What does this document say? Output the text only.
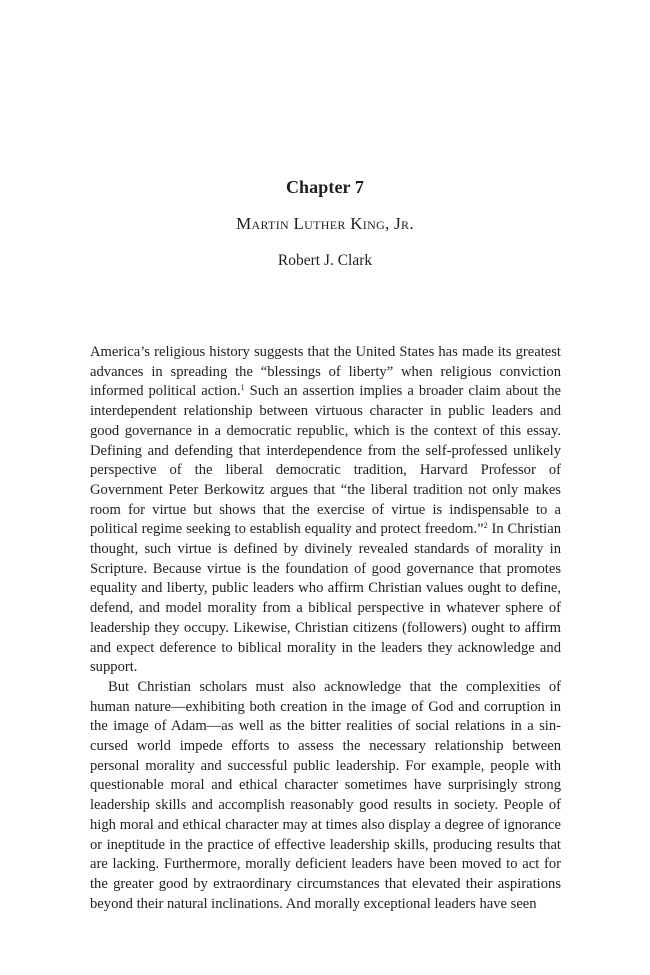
Chapter 7
Martin Luther King, Jr.
Robert J. Clark

America’s religious history suggests that the United States has made its greatest advances in spreading the “blessings of liberty” when religious conviction informed political action.$^1$ Such an assertion implies a broader claim about the interdependent relationship between virtuous character in public leaders and good governance in a democratic republic, which is the context of this essay. Defining and defending that interdependence from the self-professed unlikely perspective of the liberal democratic tradition, Harvard Professor of Government Peter Berkowitz argues that “the liberal tradition not only makes room for virtue but shows that the exercise of virtue is indispensable to a political regime seeking to establish equality and protect freedom.”$^2$ In Christian thought, such virtue is defined by divinely revealed standards of morality in Scripture. Because virtue is the foundation of good governance that promotes equality and liberty, public leaders who affirm Christian values ought to define, defend, and model morality from a biblical perspective in whatever sphere of leadership they occupy. Likewise, Christian citizens (followers) ought to affirm and expect deference to biblical morality in the leaders they acknowledge and support.

But Christian scholars must also acknowledge that the complexities of human nature—exhibiting both creation in the image of God and corruption in the image of Adam—as well as the bitter realities of social relations in a sin-cursed world impede efforts to assess the necessary relationship between personal morality and successful public leadership. For example, people with questionable moral and ethical character sometimes have surprisingly strong leadership skills and accomplish reasonably good results in society. People of high moral and ethical character may at times also display a degree of ignorance or ineptitude in the practice of effective leadership skills, producing results that are lacking. Furthermore, morally deficient leaders have been moved to act for the greater good by extraordinary circumstances that elevated their aspirations beyond their natural inclinations. And morally exceptional leaders have seen
